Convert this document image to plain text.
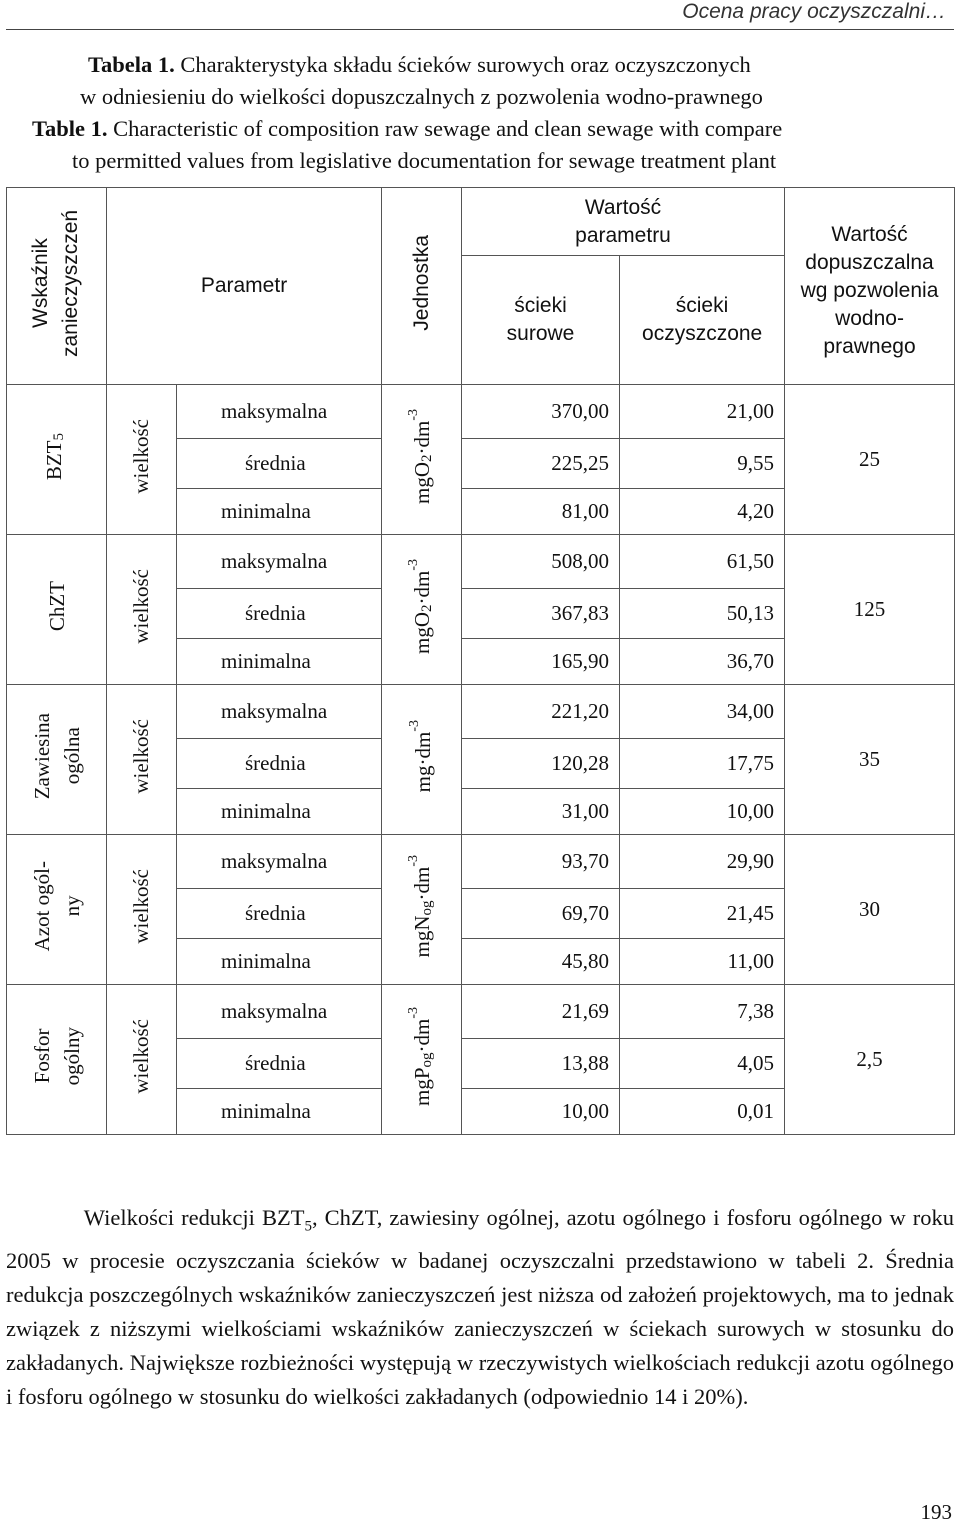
Ocena pracy oczyszczalni…
Tabela 1. Charakterystyka składu ścieków surowych oraz oczyszczonych
w odniesieniu do wielkości dopuszczalnych z pozwolenia wodno-prawnego
Table 1. Characteristic of composition raw sewage and clean sewage with compare
to permitted values from legislative documentation for sewage treatment plant
Wskaźnik zanieczyszczeń	Parametr		Jednostka	Wartość parametru		Wartość dopuszczalna wg pozwolenia wodno-prawnego

				ścieki surowe	ścieki oczyszczone	

$BZT_5$	wielkość	maksymalna	$mgO_2\cdot dm^{-3}$	370,00	21,00	25
		średnia		225,25	9,55	
		minimalna		81,00	4,20	
ChZT	wielkość	maksymalna	$mgO_2\cdot dm^{-3}$	508,00	61,50	125
		średnia		367,83	50,13	
		minimalna		165,90	36,70	
Zawiesina ogólna	wielkość	maksymalna	$mg\cdot dm^{-3}$	221,20	34,00	35
		średnia		120,28	17,75	
		minimalna		31,00	10,00	
Azot ogól- ny	wielkość	maksymalna	$mgN_{og}\cdot dm^{-3}$	93,70	29,90	30
		średnia		69,70	21,45	
		minimalna		45,80	11,00	
Fosfor ogólny	wielkość	maksymalna	$mgP_{og}\cdot dm^{-3}$	21,69	7,38	2,5
		średnia		13,88	4,05	
		minimalna		10,00	0,01	
Wielkości redukcji $BZT_5$, ChZT, zawiesiny ogólnej, azotu ogólnego i fosforu ogólnego w roku 2005 w procesie oczyszczania ścieków w badanej oczyszczalni przedstawiono w tabeli 2. Średnia redukcja poszczególnych wskaźników zanieczyszczeń jest niższa od założeń projektowych, ma to jednak związek z niższymi wielkościami wskaźników zanieczyszczeń w ściekach surowych w stosunku do zakładanych. Największe rozbieżności występują w rzeczywistych wielkościach redukcji azotu ogólnego i fosforu ogólnego w stosunku do wielkości zakładanych (odpowiednio 14 i 20%).
193
